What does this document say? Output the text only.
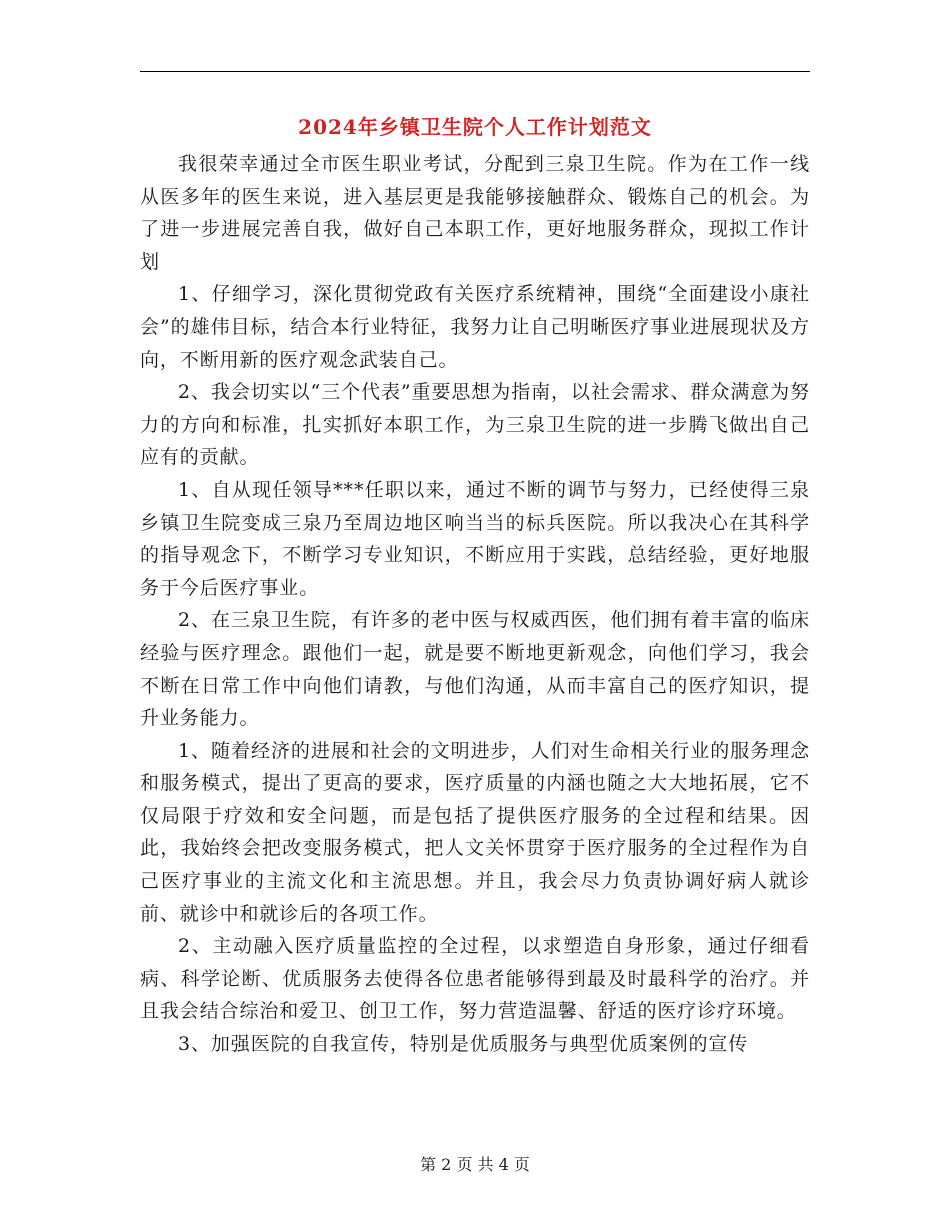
2024年乡镇卫生院个人工作计划范文

我很荣幸通过全市医生职业考试，分配到三泉卫生院。作为在工作一线从医多年的医生来说，进入基层更是我能够接触群众、锻炼自己的机会。为了进一步进展完善自我，做好自己本职工作，更好地服务群众，现拟工作计划

1、仔细学习，深化贯彻党政有关医疗系统精神，围绕“全面建设小康社会”的雄伟目标，结合本行业特征，我努力让自己明晰医疗事业进展现状及方向，不断用新的医疗观念武装自己。

2、我会切实以“三个代表”重要思想为指南，以社会需求、群众满意为努力的方向和标准，扎实抓好本职工作，为三泉卫生院的进一步腾飞做出自己应有的贡献。

1、自从现任领导***任职以来，通过不断的调节与努力，已经使得三泉乡镇卫生院变成三泉乃至周边地区响当当的标兵医院。所以我决心在其科学的指导观念下，不断学习专业知识，不断应用于实践，总结经验，更好地服务于今后医疗事业。

2、在三泉卫生院，有许多的老中医与权威西医，他们拥有着丰富的临床经验与医疗理念。跟他们一起，就是要不断地更新观念，向他们学习，我会不断在日常工作中向他们请教，与他们沟通，从而丰富自己的医疗知识，提升业务能力。

1、随着经济的进展和社会的文明进步，人们对生命相关行业的服务理念和服务模式，提出了更高的要求，医疗质量的内涵也随之大大地拓展，它不仅局限于疗效和安全问题，而是包括了提供医疗服务的全过程和结果。因此，我始终会把改变服务模式，把人文关怀贯穿于医疗服务的全过程作为自己医疗事业的主流文化和主流思想。并且，我会尽力负责协调好病人就诊前、就诊中和就诊后的各项工作。

2、主动融入医疗质量监控的全过程，以求塑造自身形象，通过仔细看病、科学论断、优质服务去使得各位患者能够得到最及时最科学的治疗。并且我会结合综治和爱卫、创卫工作，努力营造温馨、舒适的医疗诊疗环境。

3、加强医院的自我宣传，特别是优质服务与典型优质案例的宣传

第 2 页 共 4 页
